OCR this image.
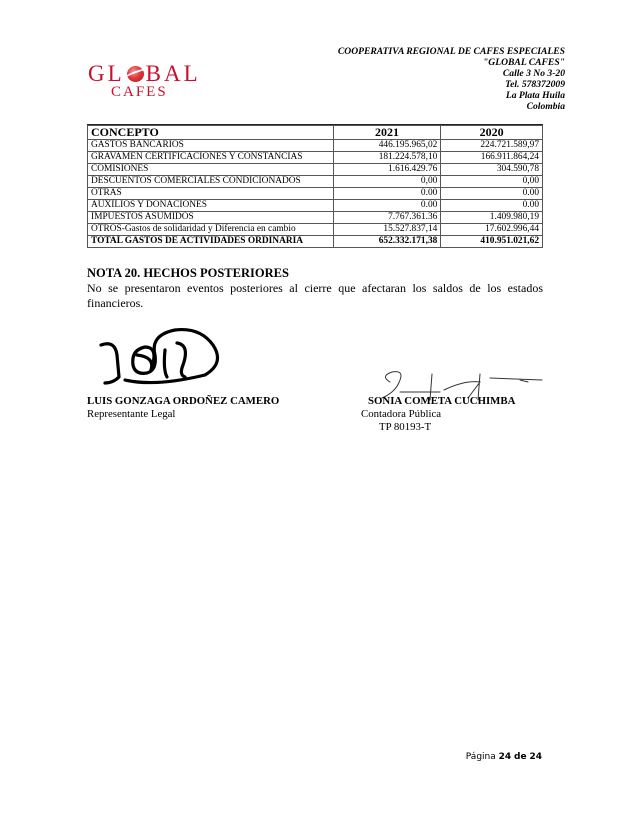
GL BAL
CAFES
COOPERATIVA REGIONAL DE CAFES ESPECIALES
"GLOBAL CAFES"
Calle 3 No 3-20
Tel. 578372009
La Plata Huila
Colombia
CONCEPTO	2021	2020
GASTOS BANCARIOS	446.195.965,02	224.721.589,97
GRAVAMEN CERTIFICACIONES Y CONSTANCIAS	181.224.578,10	166.911.864,24
COMISIONES	1.616.429.76	304.590,78
DESCUENTOS COMERCIALES CONDICIONADOS	0,00	0,00
OTRAS	0.00	0.00
AUXILIOS Y DONACIONES	0.00	0.00
IMPUESTOS ASUMIDOS	7.767.361.36	1.409.980,19
OTROS-Gastos de solidaridad y Diferencia en cambio	15.527.837,14	17.602.996,44
TOTAL GASTOS DE ACTIVIDADES ORDINARIA	652.332.171,38	410.951.021,62
NOTA 20. HECHOS POSTERIORES
No se presentaron eventos posteriores al cierre que afectaran los saldos de los estados financieros.
LUIS GONZAGA ORDOÑEZ CAMERO
Representante Legal
SONIA COMETA CUCHIMBA
Contadora Pública
TP 80193-T
Página 24 de 24
